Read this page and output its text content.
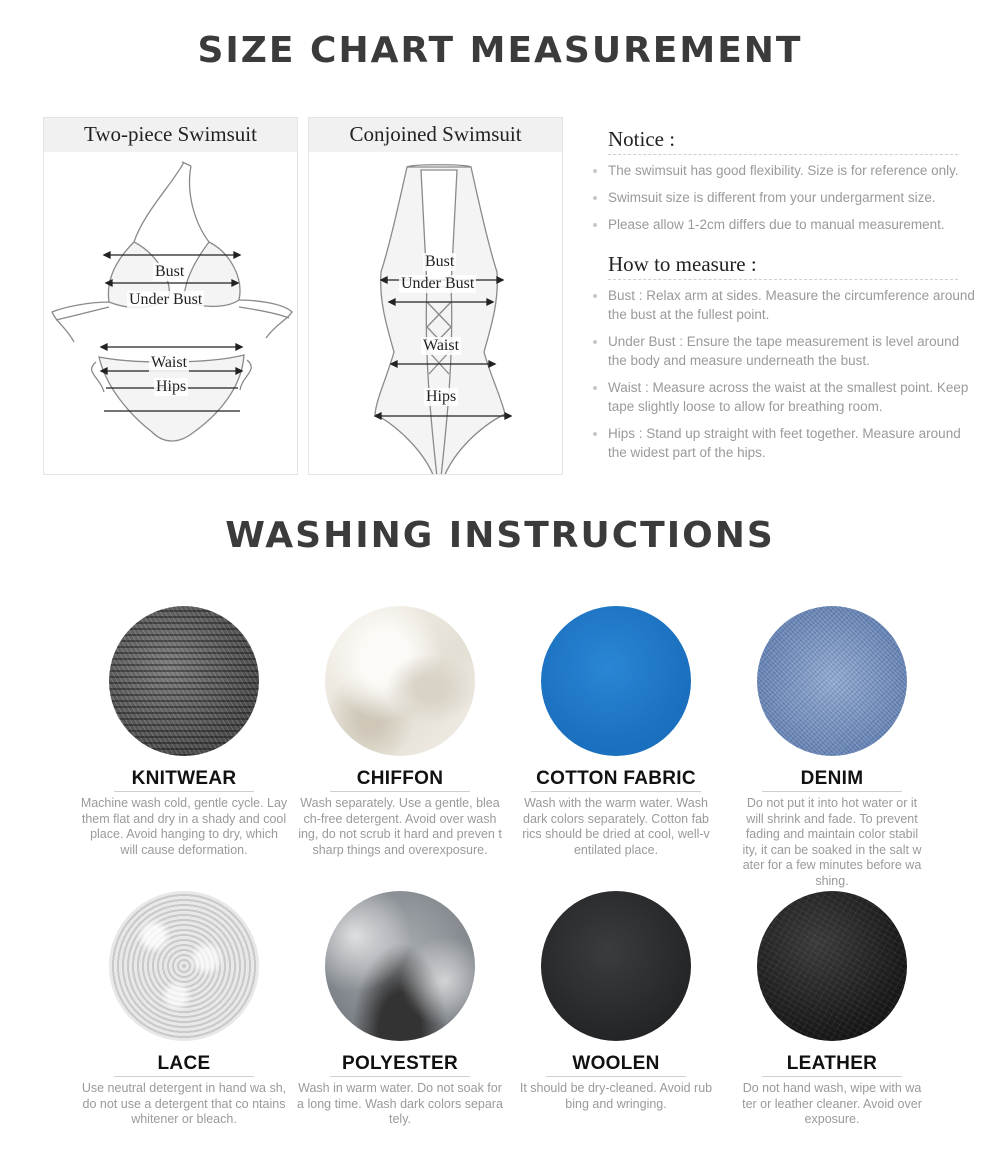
SIZE CHART MEASUREMENT
Two-piece Swimsuit
Bust
Under Bust
Waist
Hips
Conjoined Swimsuit
Bust
Under Bust
Waist
Hips
Notice :
The swimsuit has good flexibility. Size is for reference only.
Swimsuit size is different from your undergarment size.
Please allow 1-2cm differs due to manual measurement.
How to measure :
Bust : Relax arm at sides. Measure the circumference around the bust at the fullest point.
Under Bust : Ensure the tape measurement is level around the body and measure underneath the bust.
Waist : Measure across the waist at the smallest point. Keep tape slightly loose to allow for breathing room.
Hips : Stand up straight with feet together. Measure around the widest part of the hips.
WASHING INSTRUCTIONS
KNITWEAR
Machine wash cold, gentle cycle. Lay them flat and dry in a shady and cool place. Avoid hanging to dry, which will cause deformation.
CHIFFON
Wash separately. Use a gentle, blea ch-free detergent. Avoid over wash ing, do not scrub it hard and preven t sharp things and overexposure.
COTTON FABRIC
Wash with the warm water. Wash dark colors separately. Cotton fab rics should be dried at cool, well-v entilated place.
DENIM
Do not put it into hot water or it will shrink and fade. To prevent fading and maintain color stabil ity, it can be soaked in the salt w ater for a few minutes before wa shing.
LACE
Use neutral detergent in hand wa sh, do not use a detergent that co ntains whitener or bleach.
POLYESTER
Wash in warm water. Do not soak for a long time. Wash dark colors separa tely.
WOOLEN
It should be dry-cleaned. Avoid rub bing and wringing.
LEATHER
Do not hand wash, wipe with wa ter or leather cleaner. Avoid over exposure.
